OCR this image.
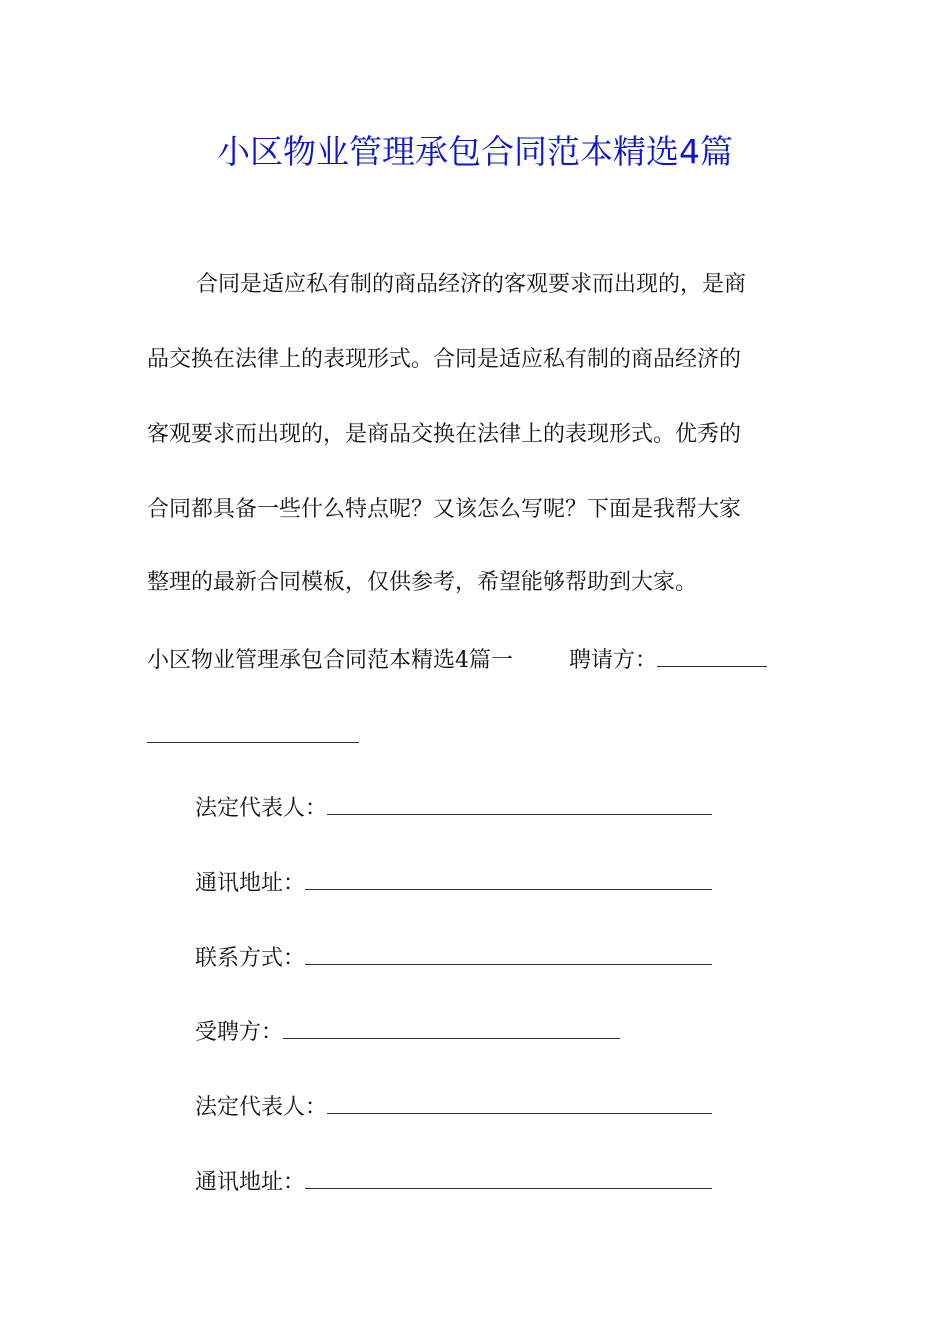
小区物业管理承包合同范本精选4篇
合同是适应私有制的商品经济的客观要求而出现的，是商
品交换在法律上的表现形式。合同是适应私有制的商品经济的
客观要求而出现的，是商品交换在法律上的表现形式。优秀的
合同都具备一些什么特点呢？又该怎么写呢？下面是我帮大家
整理的最新合同模板，仅供参考，希望能够帮助到大家。
小区物业管理承包合同范本精选4篇一	聘请方：
法定代表人：
通讯地址：
联系方式：
受聘方：
法定代表人：
通讯地址：
